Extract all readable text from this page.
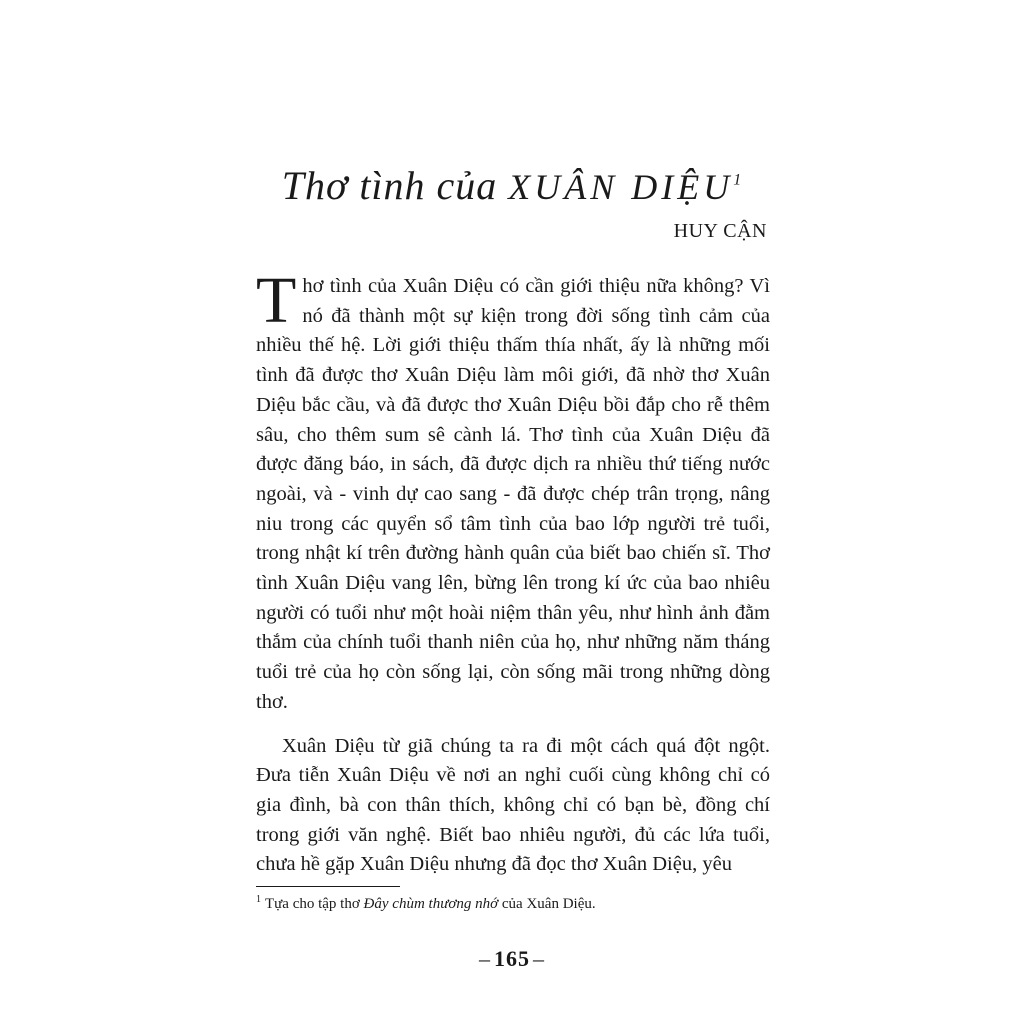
Thơ tình của XUÂN DIỆU$^1$
HUY CẬN

Thơ tình của Xuân Diệu có cần giới thiệu nữa không? Vì nó đã thành một sự kiện trong đời sống tình cảm của nhiều thế hệ. Lời giới thiệu thấm thía nhất, ấy là những mối tình đã được thơ Xuân Diệu làm môi giới, đã nhờ thơ Xuân Diệu bắc cầu, và đã được thơ Xuân Diệu bồi đắp cho rễ thêm sâu, cho thêm sum sê cành lá. Thơ tình của Xuân Diệu đã được đăng báo, in sách, đã được dịch ra nhiều thứ tiếng nước ngoài, và - vinh dự cao sang - đã được chép trân trọng, nâng niu trong các quyển sổ tâm tình của bao lớp người trẻ tuổi, trong nhật kí trên đường hành quân của biết bao chiến sĩ. Thơ tình Xuân Diệu vang lên, bừng lên trong kí ức của bao nhiêu người có tuổi như một hoài niệm thân yêu, như hình ảnh đằm thắm của chính tuổi thanh niên của họ, như những năm tháng tuổi trẻ của họ còn sống lại, còn sống mãi trong những dòng thơ.

Xuân Diệu từ giã chúng ta ra đi một cách quá đột ngột. Đưa tiễn Xuân Diệu về nơi an nghỉ cuối cùng không chỉ có gia đình, bà con thân thích, không chỉ có bạn bè, đồng chí trong giới văn nghệ. Biết bao nhiêu người, đủ các lứa tuổi, chưa hề gặp Xuân Diệu nhưng đã đọc thơ Xuân Diệu, yêu

$^1$ Tựa cho tập thơ Đây chùm thương nhớ của Xuân Diệu.
– 165 –
